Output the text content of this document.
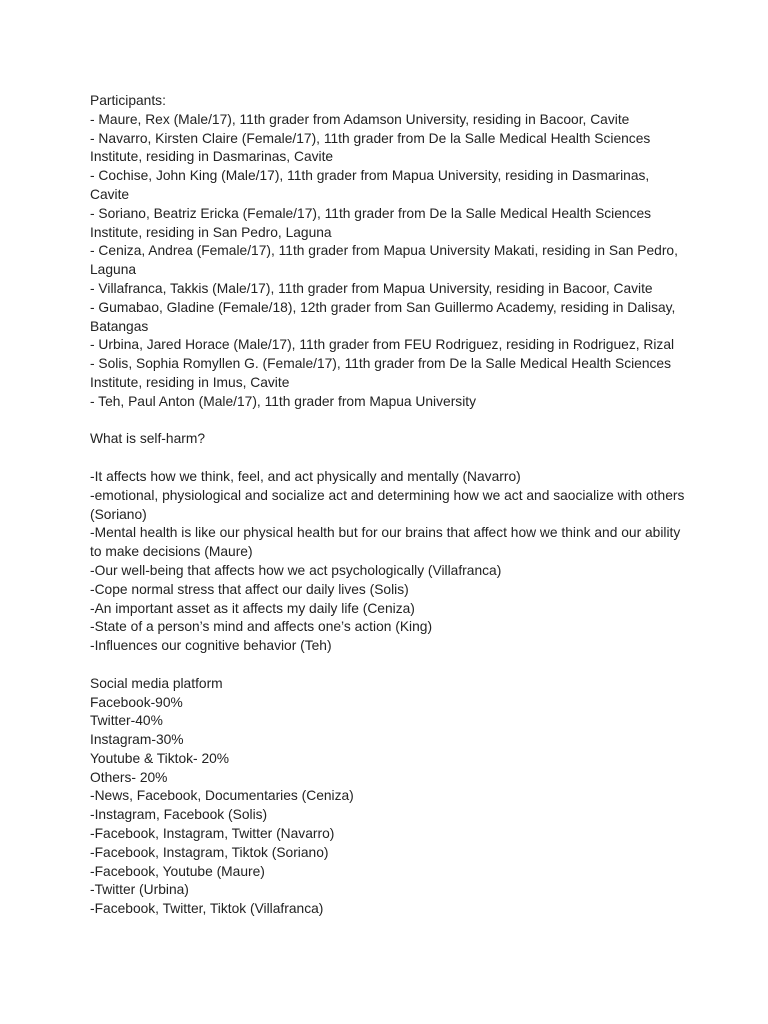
Participants:
- Maure, Rex (Male/17), 11th grader from Adamson University, residing in Bacoor, Cavite
- Navarro, Kirsten Claire (Female/17), 11th grader from De la Salle Medical Health Sciences Institute, residing in Dasmarinas, Cavite
- Cochise, John King (Male/17), 11th grader from Mapua University, residing in Dasmarinas, Cavite
- Soriano, Beatriz Ericka (Female/17), 11th grader from De la Salle Medical Health Sciences Institute, residing in San Pedro, Laguna
- Ceniza, Andrea (Female/17), 11th grader from Mapua University Makati, residing in San Pedro, Laguna
- Villafranca, Takkis (Male/17), 11th grader from Mapua University, residing in Bacoor, Cavite
- Gumabao, Gladine (Female/18), 12th grader from San Guillermo Academy, residing in Dalisay, Batangas
- Urbina, Jared Horace (Male/17), 11th grader from FEU Rodriguez, residing in Rodriguez, Rizal
- Solis, Sophia Romyllen G. (Female/17), 11th grader from De la Salle Medical Health Sciences Institute, residing in Imus, Cavite
- Teh, Paul Anton (Male/17), 11th grader from Mapua University
What is self-harm?
-It affects how we think, feel, and act physically and mentally (Navarro)
-emotional, physiological and socialize act and determining how we act and saocialize with others (Soriano)
-Mental health is like our physical health but for our brains that affect how we think and our ability to make decisions (Maure)
-Our well-being that affects how we act psychologically (Villafranca)
-Cope normal stress that affect our daily lives (Solis)
-An important asset as it affects my daily life (Ceniza)
-State of a person’s mind and affects one’s action (King)
-Influences our cognitive behavior (Teh)
Social media platform
Facebook-90%
Twitter-40%
Instagram-30%
Youtube & Tiktok- 20%
Others- 20%
-News, Facebook, Documentaries (Ceniza)
-Instagram, Facebook (Solis)
-Facebook, Instagram, Twitter (Navarro)
-Facebook, Instagram, Tiktok (Soriano)
-Facebook, Youtube (Maure)
-Twitter (Urbina)
-Facebook, Twitter, Tiktok (Villafranca)
